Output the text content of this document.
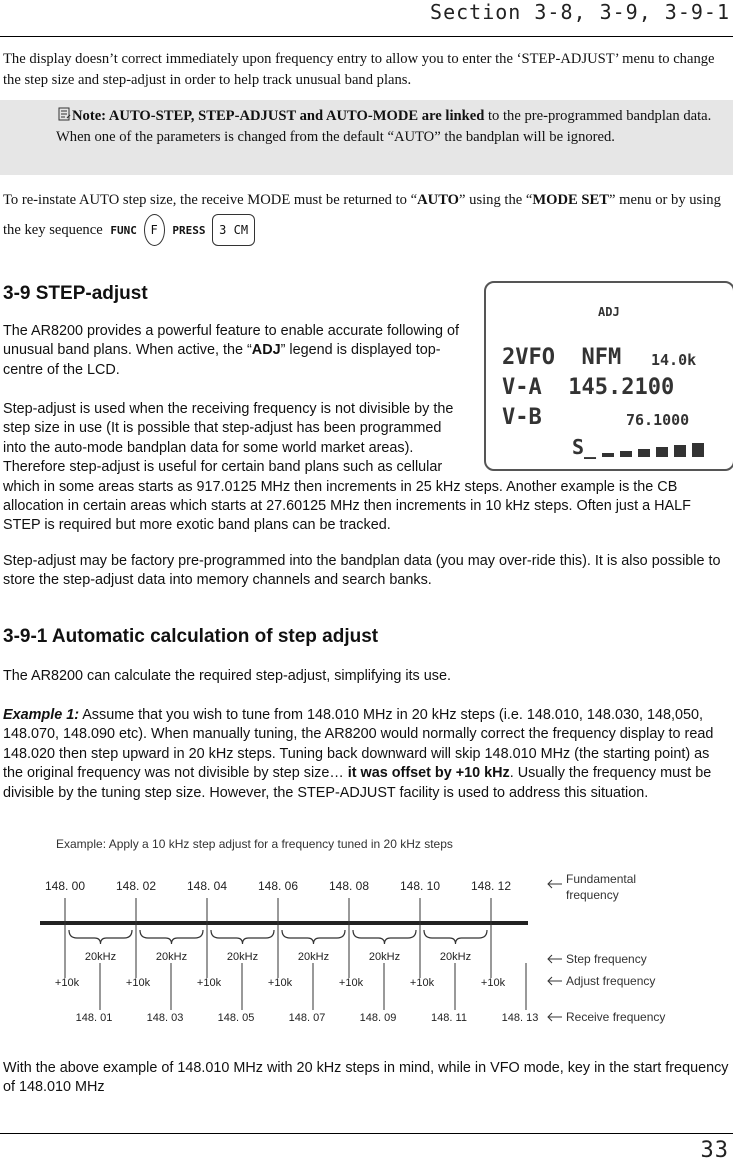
Section 3-8, 3-9, 3-9-1
The display doesn’t correct immediately upon frequency entry to allow you to enter the ‘STEP-ADJUST’ menu to change the step size and step-adjust in order to help track unusual band plans.
Note: AUTO-STEP, STEP-ADJUST and AUTO-MODE are linked to the pre-programmed bandplan data. When one of the parameters is changed from the default “AUTO” the bandplan will be ignored.
To re-instate AUTO step size, the receive MODE must be returned to “AUTO” using the “MODE SET” menu or by using the key sequence FUNC F PRESS 3 CM
3-9 STEP-adjust
The AR8200 provides a powerful feature to enable accurate following of unusual band plans. When active, the “ADJ” legend is displayed top-centre of the LCD.
Step-adjust is used when the receiving frequency is not divisible by the step size in use (It is possible that step-adjust has been programmed into the auto-mode bandplan data for some world market areas). Therefore step-adjust is useful for certain band plans such as cellular which in some areas starts as 917.0125 MHz then increments in 25 kHz steps. Another example is the CB allocation in certain areas which starts at 27.60125 MHz then increments in 10 kHz steps. Often just a HALF STEP is required but more exotic band plans can be tracked.
Step-adjust may be factory pre-programmed into the bandplan data (you may over-ride this). It is also possible to store the step-adjust data into memory channels and search banks.
ADJ
2VFO  NFM 14.0k
V-A  145.2100
V-B	76.1000
S_
3-9-1 Automatic calculation of step adjust
The AR8200 can calculate the required step-adjust, simplifying its use.
Example 1: Assume that you wish to tune from 148.010 MHz in 20 kHz steps (i.e. 148.010, 148.030, 148,050, 148.070, 148.090 etc). When manually tuning, the AR8200 would normally correct the frequency display to read 148.020 then step upward in 20 kHz steps. Tuning back downward will skip 148.010 MHz (the starting point) as the original frequency was not divisible by step size… it was offset by +10 kHz. Usually the frequency must be divisible by the tuning step size. However, the STEP-ADJUST facility is used to address this situation.
Example: Apply a 10 kHz step adjust for a frequency tuned in 20 kHz steps
148. 00	148. 02	148. 04	148. 06	148. 08	148. 10	148. 12
20kHz	20kHz	20kHz	20kHz	20kHz	20kHz
+10k	+10k	+10k	+10k	+10k	+10k	+10k
148. 01	148. 03	148. 05	148. 07	148. 09	148. 11	148. 13
Fundamental
frequency
Step frequency
Adjust frequency
Receive frequency
With the above example of 148.010 MHz with 20 kHz steps in mind, while in VFO mode, key in the start frequency of 148.010 MHz
33
